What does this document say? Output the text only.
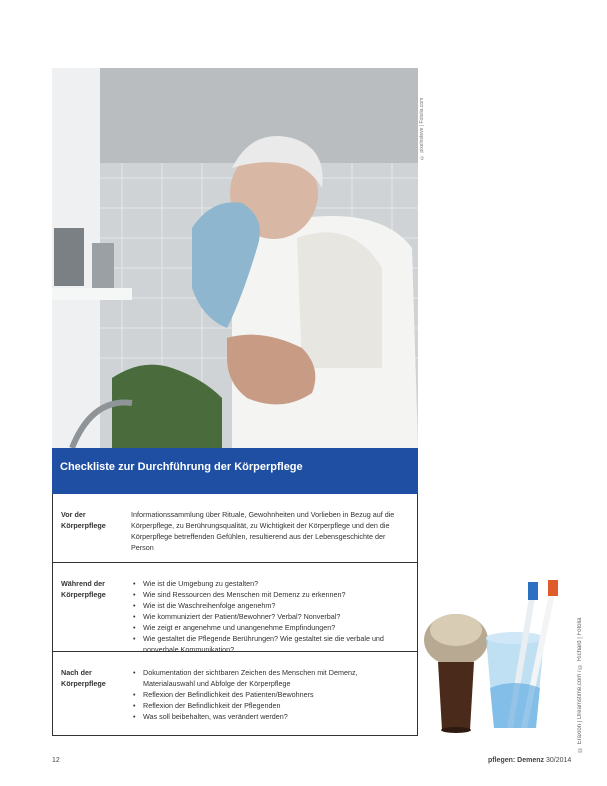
© pixelnsteve | Fotolia.com
Checkliste zur Durchführung der Körperpflege
Vor der Körperpflege
Informationssammlung über Rituale, Gewohnheiten und Vorlieben in Bezug auf die Körperpflege, zu Berührungsqualität, zu Wichtigkeit der Körperpflege und den die Körperpflege betreffenden Gefühlen, resultierend aus der Lebensgeschichte der Person
Während der Körperpflege
• Wie ist die Umgebung zu gestalten?
• Wie sind Ressourcen des Menschen mit Demenz zu erkennen?
• Wie ist die Waschreihenfolge angenehm?
• Wie kommuniziert der Patient/Bewohner? Verbal? Nonverbal?
• Wie zeigt er angenehme und unangenehme Empfindungen?
• Wie gestaltet die Pflegende Berührungen? Wie gestaltet sie die verbale und nonverbale Kommunikation?
Nach der Körperpflege
• Dokumentation der sichtbaren Zeichen des Menschen mit Demenz, Materialauswahl und Abfolge der Körperpflege
• Reflexion der Befindlichkeit des Patienten/Bewohners
• Reflexion der Befindlichkeit der Pflegenden
• Was soll beibehalten, was verändert werden?	© Eraxion | Dreamstime.com / © Richard | Fotolia
12	pflegen: Demenz 30/2014
